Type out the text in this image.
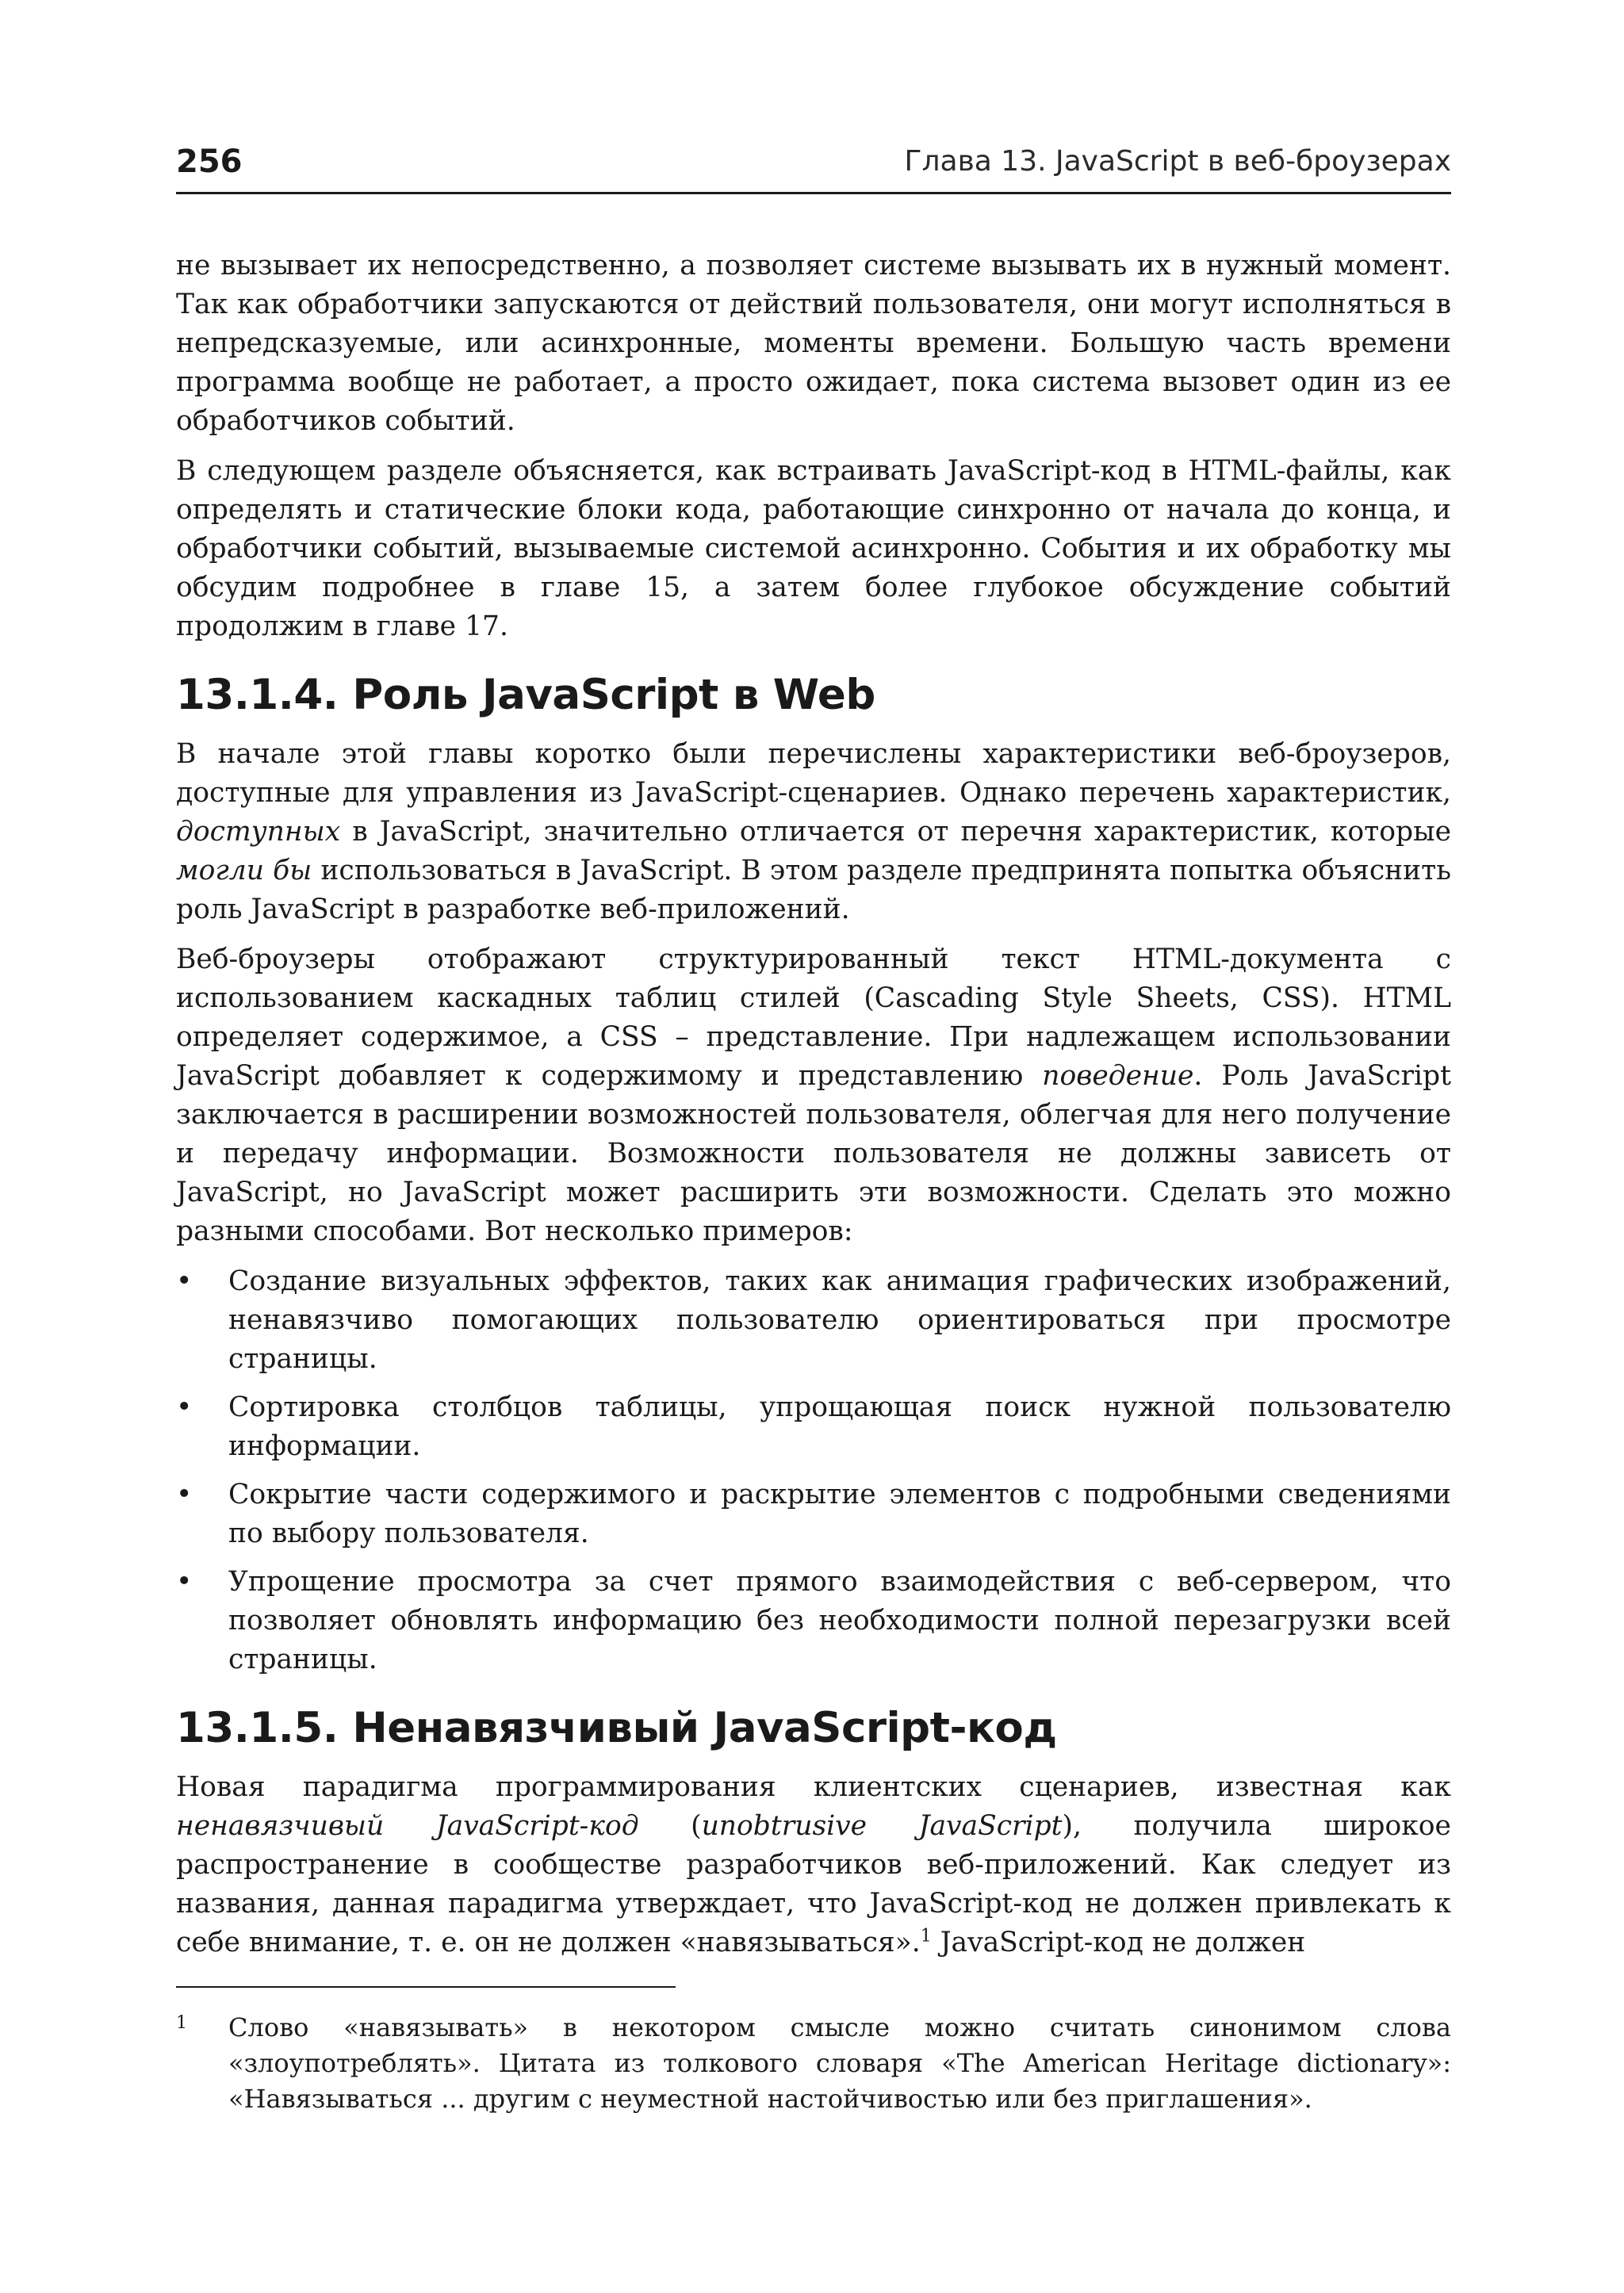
256	Глава 13. JavaScript в веб-броузерах

не вызывает их непосредственно, а позволяет системе вызывать их в нужный момент. Так как обработчики запускаются от действий пользователя, они могут исполняться в непредсказуемые, или асинхронные, моменты времени. Большую часть времени программа вообще не работает, а просто ожидает, пока система вызовет один из ее обработчиков событий.

В следующем разделе объясняется, как встраивать JavaScript-код в HTML-файлы, как определять и статические блоки кода, работающие синхронно от начала до конца, и обработчики событий, вызываемые системой асинхронно. События и их обработку мы обсудим подробнее в главе 15, а затем более глубокое обсуждение событий продолжим в главе 17.

13.1.4. Роль JavaScript в Web

В начале этой главы коротко были перечислены характеристики веб-броузеров, доступные для управления из JavaScript-сценариев. Однако перечень характеристик, доступных в JavaScript, значительно отличается от перечня характеристик, которые могли бы использоваться в JavaScript. В этом разделе предпринята попытка объяснить роль JavaScript в разработке веб-приложений.

Веб-броузеры отображают структурированный текст HTML-документа с использованием каскадных таблиц стилей (Cascading Style Sheets, CSS). HTML определяет содержимое, а CSS – представление. При надлежащем использовании JavaScript добавляет к содержимому и представлению поведение. Роль JavaScript заключается в расширении возможностей пользователя, облегчая для него получение и передачу информации. Возможности пользователя не должны зависеть от JavaScript, но JavaScript может расширить эти возможности. Сделать это можно разными способами. Вот несколько примеров:

• Создание визуальных эффектов, таких как анимация графических изображений, ненавязчиво помогающих пользователю ориентироваться при просмотре страницы.
• Сортировка столбцов таблицы, упрощающая поиск нужной пользователю информации.
• Сокрытие части содержимого и раскрытие элементов с подробными сведениями по выбору пользователя.
• Упрощение просмотра за счет прямого взаимодействия с веб-сервером, что позволяет обновлять информацию без необходимости полной перезагрузки всей страницы.
13.1.5. Ненавязчивый JavaScript-код

Новая парадигма программирования клиентских сценариев, известная как ненавязчивый JavaScript-код (unobtrusive JavaScript), получила широкое распространение в сообществе разработчиков веб-приложений. Как следует из названия, данная парадигма утверждает, что JavaScript-код не должен привлекать к себе внимание, т. е. он не должен «навязываться».$^1$ JavaScript-код не должен

1 Слово «навязывать» в некотором смысле можно считать синонимом слова «злоупотреблять». Цитата из толкового словаря «The American Heritage dictionary»: «Навязываться ... другим с неуместной настойчивостью или без приглашения».
